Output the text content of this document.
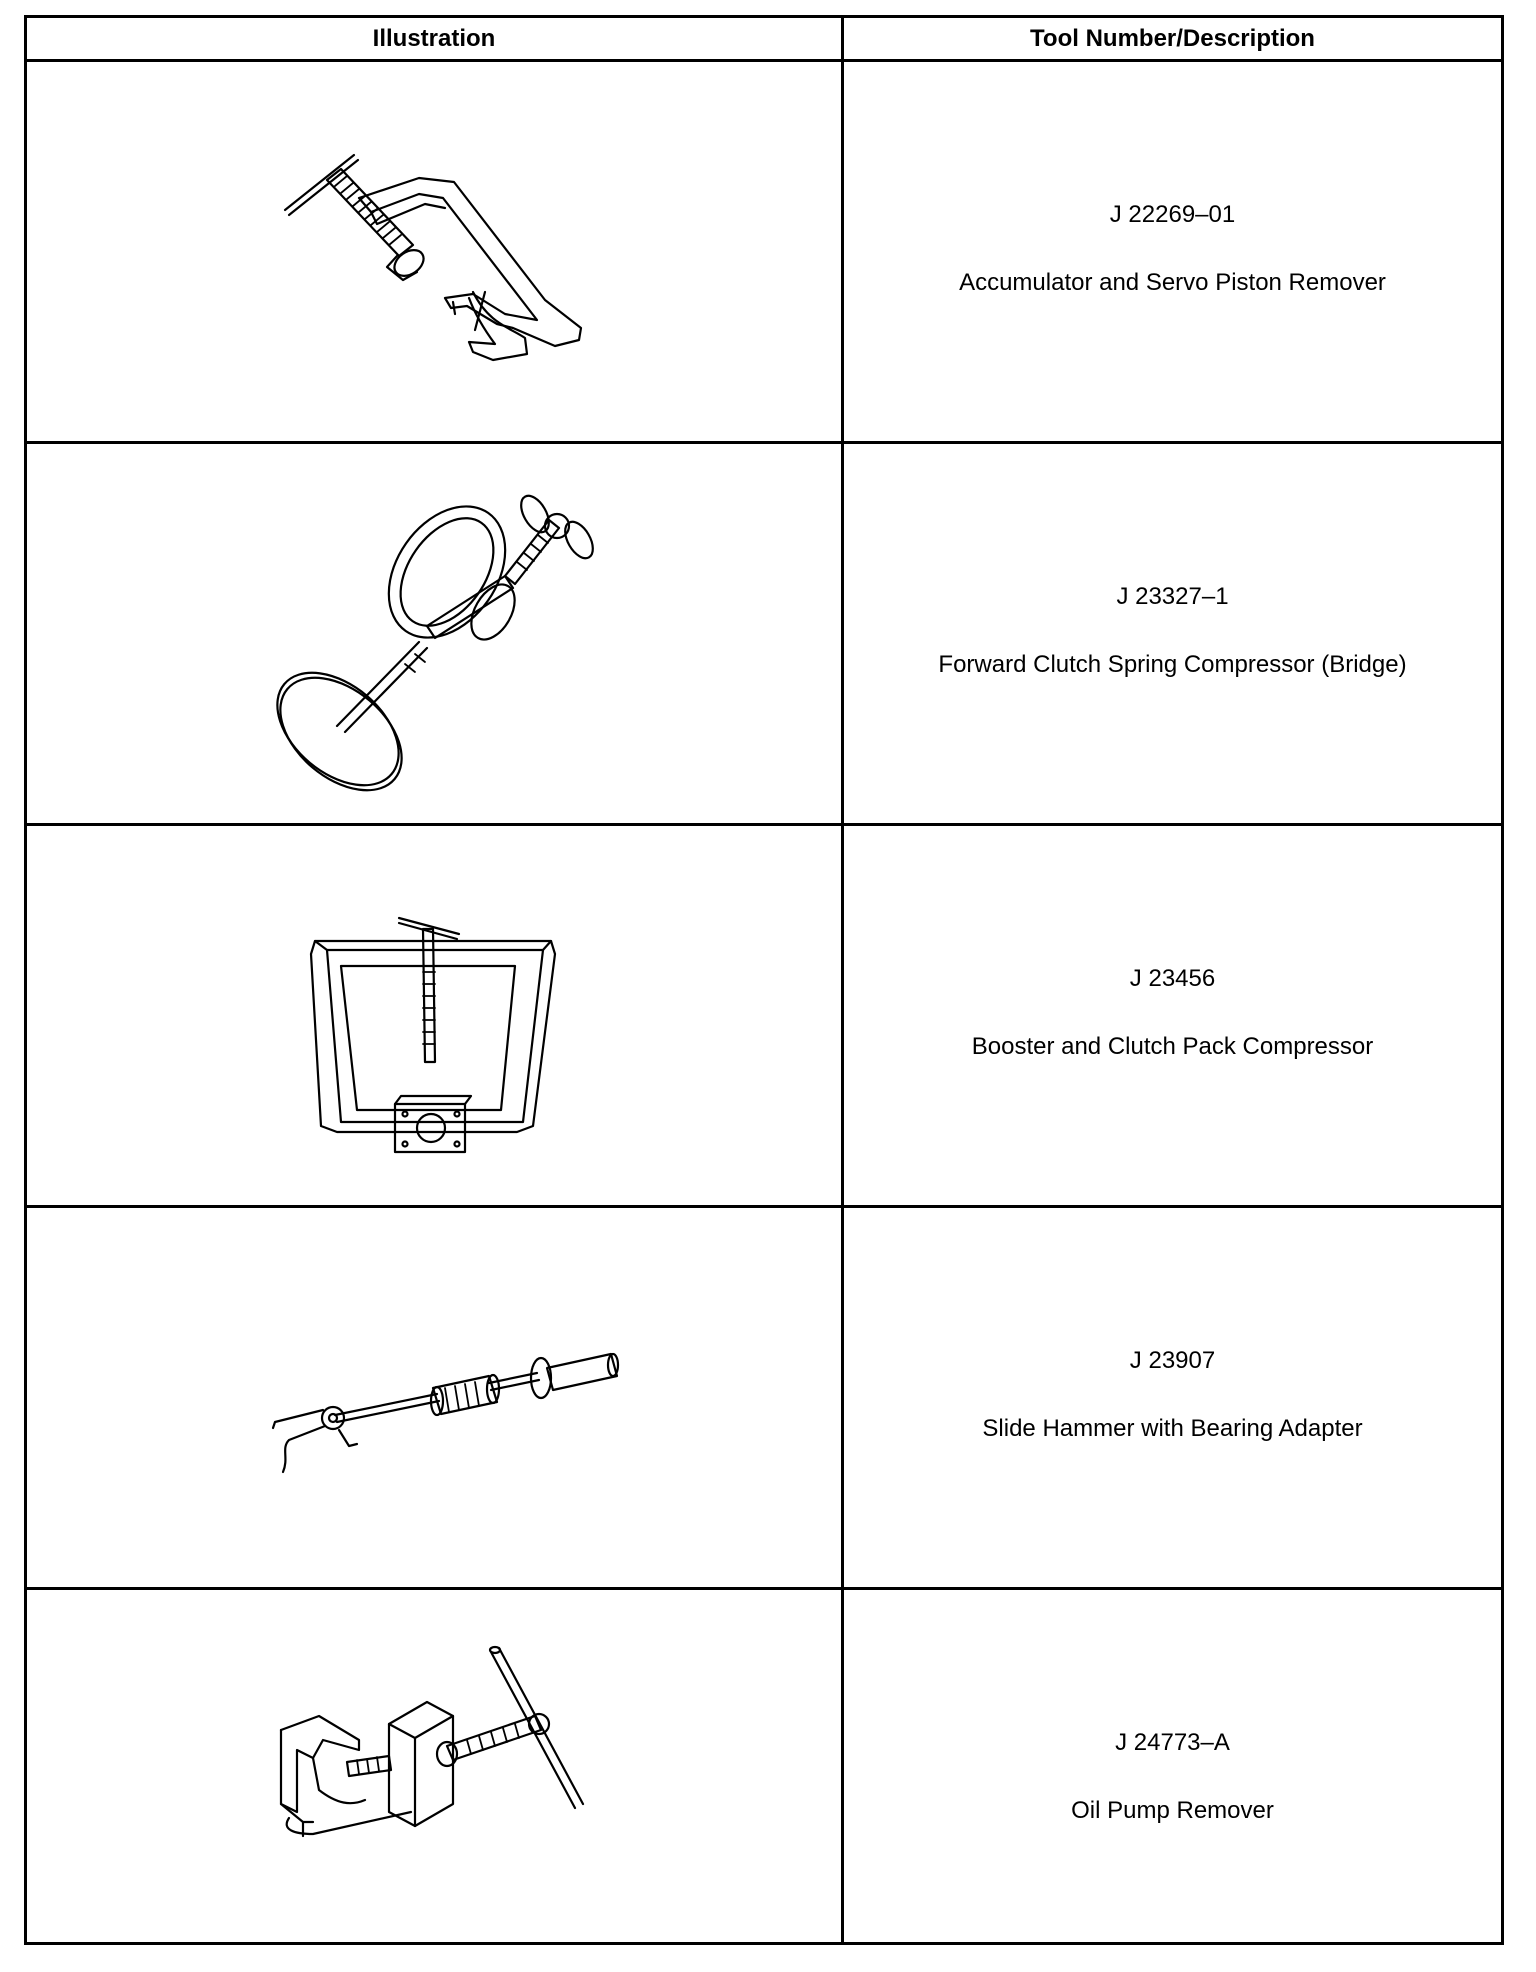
Illustration	Tool Number/Description
J 22269–01
Accumulator and Servo Piston Remover
J 23327–1
Forward Clutch Spring Compressor (Bridge)
J 23456
Booster and Clutch Pack Compressor
J 23907
Slide Hammer with Bearing Adapter
J 24773–A
Oil Pump Remover
